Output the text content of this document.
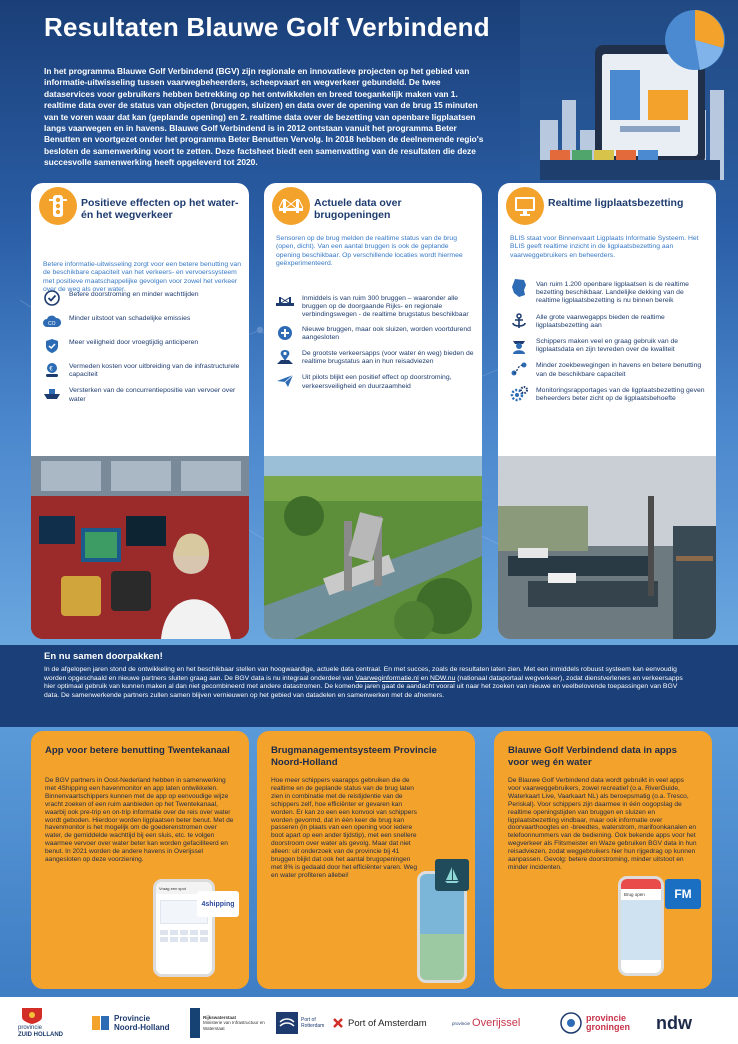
Resultaten Blauwe Golf Verbindend
In het programma Blauwe Golf Verbindend (BGV) zijn regionale en innovatieve projecten op het gebied van informatie-uitwisseling tussen vaarwegbeheerders, scheepvaart en wegverkeer gebundeld. De twee dataservices voor gebruikers hebben betrekking op het ontwikkelen en breed toegankelijk maken van 1. realtime data over de status van objecten (bruggen, sluizen) en data over de opening van de brug 15 minuten van te voren waar dat kan (geplande opening) en 2. realtime data over de bezetting van openbare ligplaatsen langs vaarwegen en in havens. Blauwe Golf Verbindend is in 2012 ontstaan vanuit het programma Beter Benutten en voortgezet onder het programma Beter Benutten Vervolg. In 2018 hebben de deelnemende regio's besloten de samenwerking voort te zetten. Deze factsheet biedt een samenvatting van de resultaten die deze succesvolle samenwerking heeft opgeleverd tot 2020.
Positieve effecten op het water- én het wegverkeer
Betere informatie-uitwisseling zorgt voor een betere benutting van de beschikbare capaciteit van het verkeers- en vervoerssysteem met positieve maatschappelijke gevolgen voor zowel het verkeer over de weg als over water.
Betere doorstroming en minder wachttijden
CO
Minder uitstoot van schadelijke emissies
Meer veiligheid door vroegtijdig anticiperen
€	Vermeden kosten voor uitbreiding van de infrastructurele capaciteit
Versterken van de concurrentiepositie van vervoer over water
Actuele data over brugopeningen
Sensoren op de brug melden de realtime status van de brug (open, dicht). Van een aantal bruggen is ook de geplande opening beschikbaar. Op verschillende locaties wordt hiermee geëxperimenteerd.
Inmiddels is van ruim 300 bruggen – waaronder alle bruggen op de doorgaande Rijks- en regionale verbindingswegen - de realtime brugstatus beschikbaar
Nieuwe bruggen, maar ook sluizen, worden voortdurend aangesloten
De grootste verkeersapps (voor water én weg) bieden de realtime brugstatus aan in hun reisadviezen
Uit pilots blijkt een positief effect op doorstroming, verkeersveiligheid en duurzaamheid
Realtime ligplaatsbezetting
BLIS staat voor Binnenvaart Ligplaats Informatie Systeem. Het BLIS geeft realtime inzicht in de ligplaatsbezetting aan vaarweggebruikers en beheerders.
Van ruim 1.200 openbare ligplaatsen is de realtime bezetting beschikbaar. Landelijke dekking van de realtime ligplaatsbezetting is nu binnen bereik
Alle grote vaarwegapps bieden de realtime ligplaatsbezetting aan
Schippers maken veel en graag gebruik van de ligplaatsdata en zijn tevreden over de kwaliteit
Minder zoekbewegingen in havens en betere benutting van de beschikbare capaciteit
Monitoringsrapportages van de ligplaatsbezetting geven beheerders beter zicht op de ligplaatsbehoefte
En nu samen doorpakken!

In de afgelopen jaren stond de ontwikkeling en het beschikbaar stellen van hoogwaardige, actuele data centraal. En met succes, zoals de resultaten laten zien. Met een inmiddels robuust systeem kan eenvoudig worden opgeschaald en nieuwe partners sluiten graag aan. De BGV data is nu integraal onderdeel van Vaarweginformatie.nl en NDW.nu (nationaal dataportaal wegverkeer), zodat dienstverleners en verkeersapps hier optimaal gebruik van kunnen maken al dan niet gecombineerd met andere datastromen. De komende jaren gaat de aandacht vooral uit naar het zoeken van nieuwe en veelbelovende toepassingen van BGV data. De samenwerkende partners zullen samen blijven vernieuwen op het gebied van datadelen en samenwerken met de afnemers.

App voor betere benutting Twentekanaal

De BGV partners in Oost-Nederland hebben in samenwerking met 4Shipping een havenmonitor en app laten ontwikkelen. Binnenvaartschippers kunnen met de app op eenvoudige wijze vracht zoeken of een ruim aanbieden op het Twentekanaal, waarbij ook pre-trip en on-trip informatie over de reis over water wordt geboden. Hierdoor worden ligplaatsen beter benut. Met de havenmonitor is het mogelijk om de goederenstromen over water, de gemiddelde wachttijd bij een sluis, etc. te volgen waarmee vervoer over water beter kan worden gefaciliteerd en benut. In 2021 worden de andere havens in Overijssel aangesloten op deze voorziening.

Vraag een spot
4shipping
Brugmanagementsysteem Provincie Noord-Holland

Hoe meer schippers vaarapps gebruiken die de realtime en de geplande status van de brug laten zien in combinatie met de reistijdentie van de schippers zelf, hoe efficiënter er gevaren kan worden. Er kan zo een een konvooi van schippers worden gevormd, dat in één keer de brug kan passeren (in plaats van een opening voor iedere boot apart op een ander tijdstip), met een snellere doorstroom over water als gevolg. Maar dat niet alleen: uit onderzoek van de provincie bij 41 bruggen blijkt dat ook het aantal brugopeningen met 8% is gedaald door het efficiënter varen. Weg en water profiteren allebei!

Blauwe Golf Verbindend data in apps voor weg én water

De Blauwe Golf Verbindend data wordt gebruikt in veel apps voor vaarweggebruikers, zowel recreatief (o.a. RiverGuide, Waterkaart Live, Vaarkaart NL) als beroepsmatig (o.a. Tresco, Periskal). Voor schippers zijn daarmee in één oogopslag de realtime openingstijden van bruggen en sluizen en ligplaatsbezetting vindbaar, maar ook informatie over doorvaarthoogtes en -breedtes, waterstrom, marifoonkanalen en telefoonnummers van de bediening. Ook bekende apps voor het wegverkeer als Flitsmeister en Waze gebruiken BGV data in hun reisadviezen, zodat weggebruikers hier hun rijgedrag op kunnen aanpassen. Gevolg: betere doorstroming, minder uitstoot en minder incidenten.

Brug open	FM
provincie
ZUID HOLLAND
Provincie
Noord-Holland
Rijkswaterstaat
Ministerie van Infrastructuur en Waterstaat
Port of
Rotterdam Port of Amsterdam	provincie Overijssel	provincie
groningen ndw
